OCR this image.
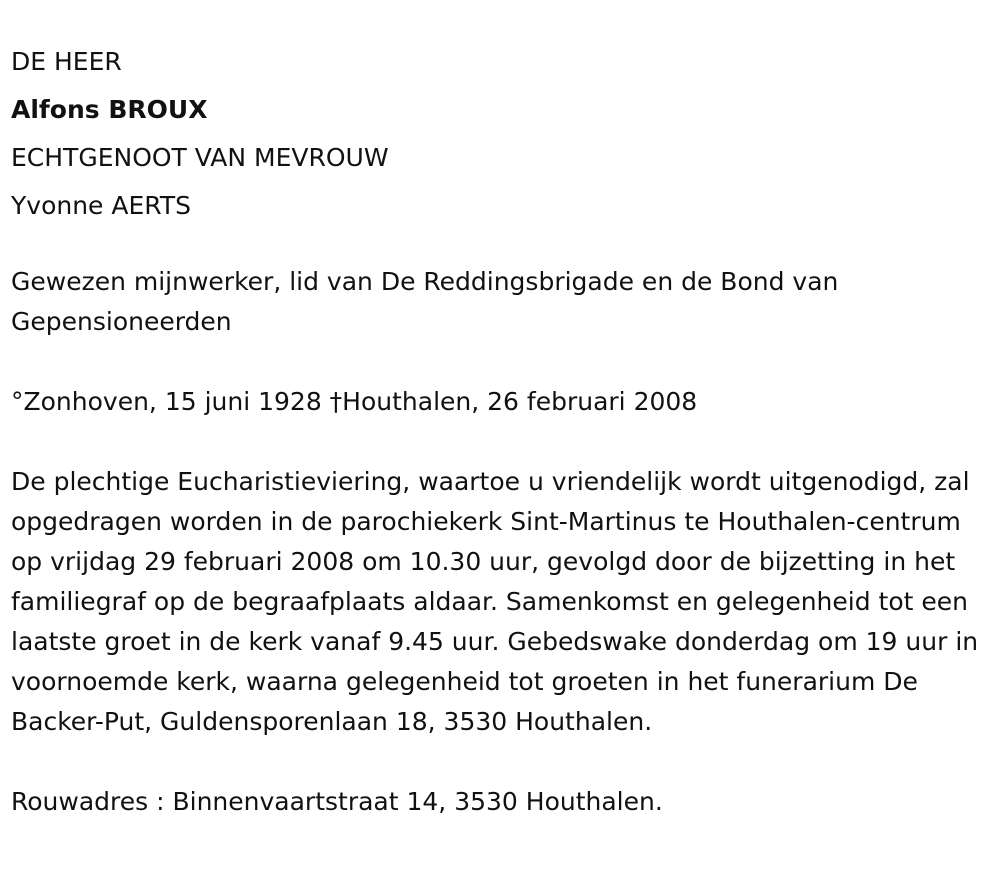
DE HEER
Alfons BROUX
ECHTGENOOT VAN MEVROUW
Yvonne AERTS

Gewezen mijnwerker, lid van De Reddingsbrigade en de Bond van Gepensioneerden

°Zonhoven, 15 juni 1928 †Houthalen, 26 februari 2008

De plechtige Eucharistieviering, waartoe u vriendelijk wordt uitgenodigd, zal opgedragen worden in de parochiekerk Sint-Martinus te Houthalen-centrum op vrijdag 29 februari 2008 om 10.30 uur, gevolgd door de bijzetting in het familiegraf op de begraafplaats aldaar. Samenkomst en gelegenheid tot een laatste groet in de kerk vanaf 9.45 uur. Gebedswake donderdag om 19 uur in voornoemde kerk, waarna gelegenheid tot groeten in het funerarium De Backer-Put, Guldensporenlaan 18, 3530 Houthalen.

Rouwadres : Binnenvaartstraat 14, 3530 Houthalen.
